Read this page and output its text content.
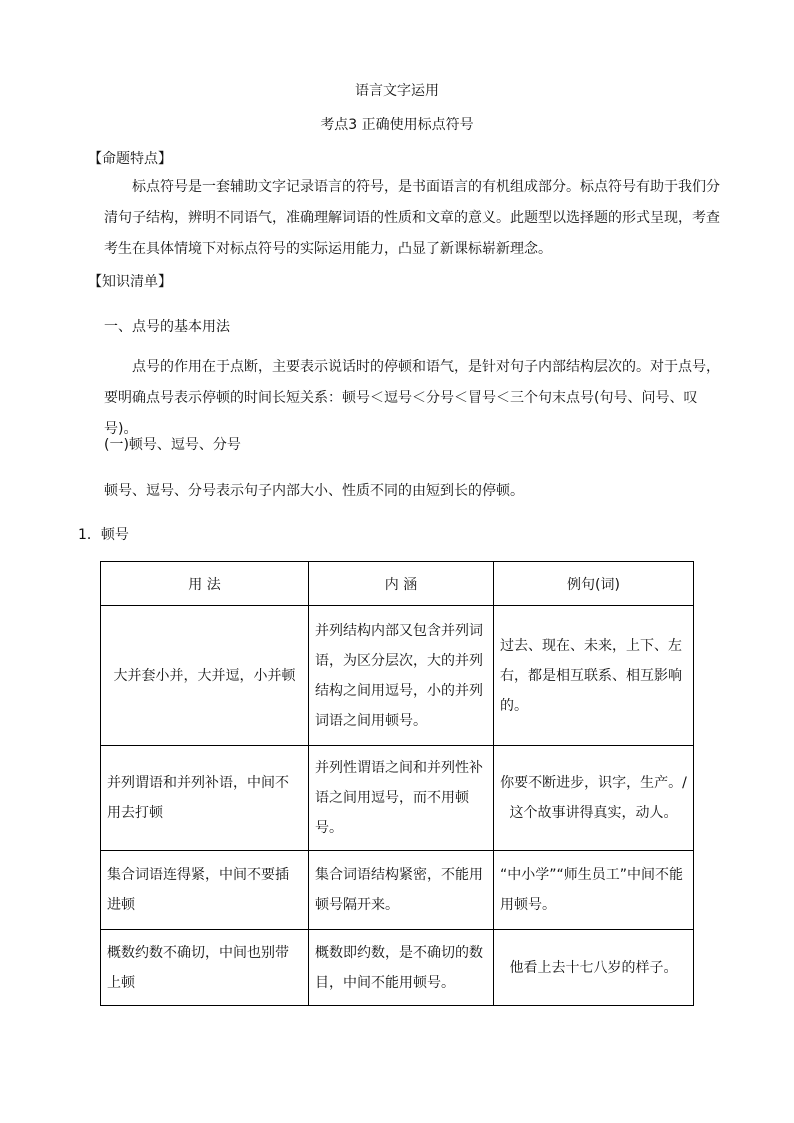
语言文字运用

考点3 正确使用标点符号

【命题特点】

标点符号是一套辅助文字记录语言的符号，是书面语言的有机组成部分。标点符号有助于我们分清句子结构，辨明不同语气，准确理解词语的性质和文章的意义。此题型以选择题的形式呈现，考查考生在具体情境下对标点符号的实际运用能力，凸显了新课标崭新理念。

【知识清单】

一、点号的基本用法

点号的作用在于点断，主要表示说话时的停顿和语气，是针对句子内部结构层次的。对于点号，要明确点号表示停顿的时间长短关系：顿号＜逗号＜分号＜冒号＜三个句末点号(句号、问号、叹号)。

(一)顿号、逗号、分号

顿号、逗号、分号表示句子内部大小、性质不同的由短到长的停顿。

1．顿号

用 法	内 涵	例句(词)
大并套小并，大并逗，小并顿	并列结构内部又包含并列词语，为区分层次，大的并列结构之间用逗号，小的并列词语之间用顿号。	过去、现在、未来，上下、左右，都是相互联系、相互影响的。
并列谓语和并列补语，中间不用去打顿	并列性谓语之间和并列性补语之间用逗号，而不用顿号。	你要不断进步，识字，生产。/这个故事讲得真实，动人。
集合词语连得紧，中间不要插进顿	集合词语结构紧密，不能用顿号隔开来。	“中小学”“师生员工”中间不能用顿号。
概数约数不确切，中间也别带上顿	概数即约数，是不确切的数目，中间不能用顿号。	他看上去十七八岁的样子。
